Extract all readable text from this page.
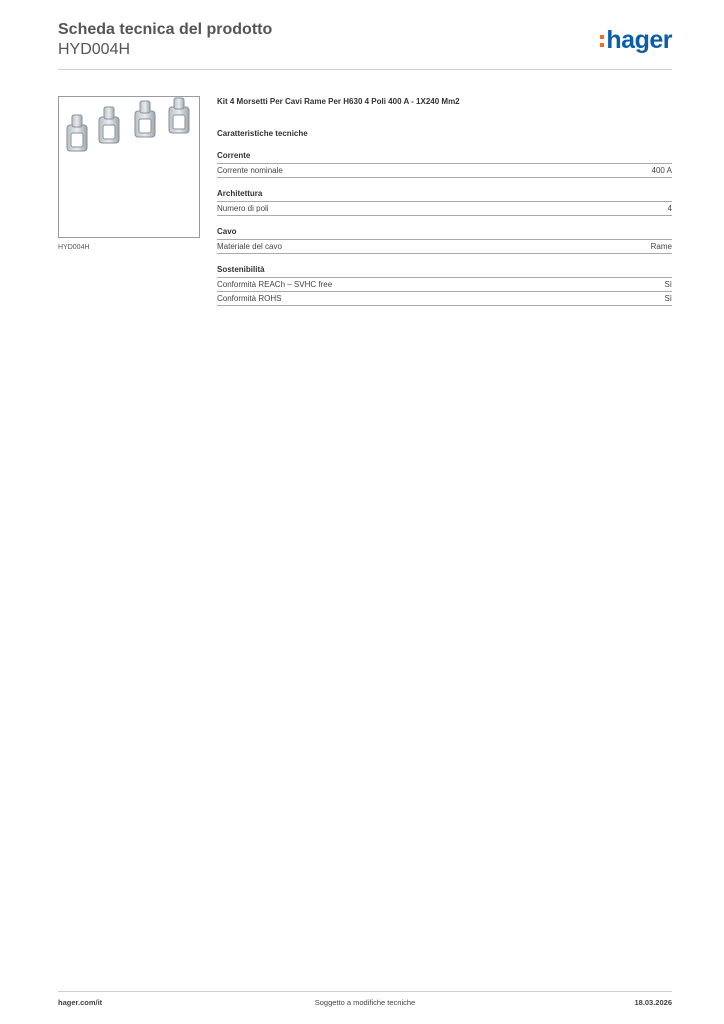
Scheda tecnica del prodotto
HYD004H	hager
HYD004H
Kit 4 Morsetti Per Cavi Rame Per H630 4 Poli 400 A - 1X240 Mm2
Caratteristiche tecniche
Corrente
Corrente nominale	400 A
Architettura
Numero di poli	4
Cavo
Materiale del cavo	Rame
Sostenibilità
Conformità REACh – SVHC free	Sì
Conformità ROHS	Sì
hager.com/it	Soggetto a modifiche tecniche	18.03.2026
